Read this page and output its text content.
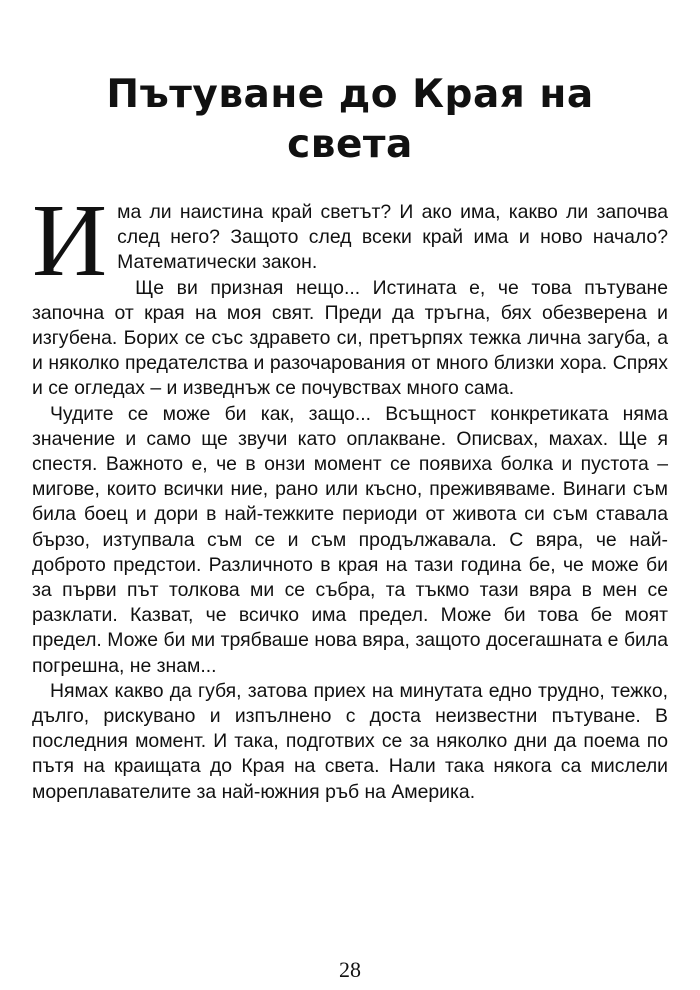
Пътуване до Края на
света

Има ли наистина край светът? И ако има, какво ли започва след него? Защото след всеки край има и ново начало? Математически закон.

Ще ви призная нещо... Истината е, че това пътуване започна от края на моя свят. Преди да тръгна, бях обезверена и изгубена. Борих се със здравето си, претърпях тежка лична загуба, а и няколко предателства и разочарования от много близки хора. Спрях и се огледах – и изведнъж се почувствах много сама.

Чудите се може би как, защо... Всъщност конкретиката няма значение и само ще звучи като оплакване. Описвах, махах. Ще я спестя. Важното е, че в онзи момент се появиха болка и пустота – мигове, които всички ние, рано или късно, преживяваме. Винаги съм била боец и дори в най-тежките периоди от живота си съм ставала бързо, изтупвала съм се и съм продължавала. С вяра, че най-доброто предстои. Различното в края на тази година бе, че може би за първи път толкова ми се събра, та тъкмо тази вяра в мен се разклати. Казват, че всичко има предел. Може би това бе моят предел. Може би ми трябваше нова вяра, защото досегашната е била погрешна, не знам...

Нямах какво да губя, затова приех на минутата едно трудно, тежко, дълго, рискувано и изпълнено с доста неизвестни пътуване. В последния момент. И така, подготвих се за няколко дни да поема по пътя на краищата до Края на света. Нали така някога са мислели мореплавателите за най-южния ръб на Америка.

28
